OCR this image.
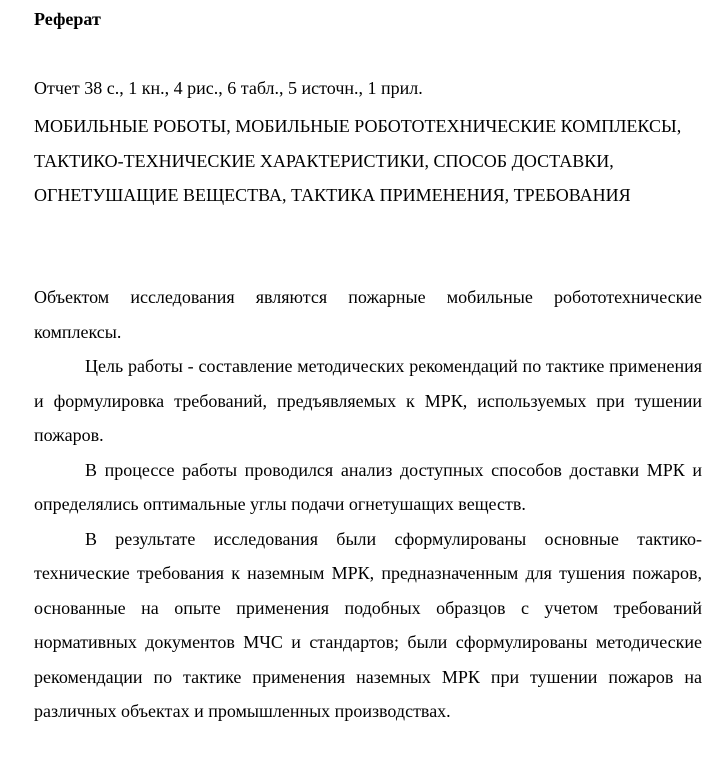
Реферат
Отчет 38 с., 1 кн., 4 рис., 6 табл., 5 источн., 1 прил.

МОБИЛЬНЫЕ РОБОТЫ, МОБИЛЬНЫЕ РОБОТОТЕХНИЧЕСКИЕ КОМПЛЕКСЫ, ТАКТИКО-ТЕХНИЧЕСКИЕ ХАРАКТЕРИСТИКИ, СПОСОБ ДОСТАВКИ, ОГНЕТУШАЩИЕ ВЕЩЕСТВА, ТАКТИКА ПРИМЕНЕНИЯ, ТРЕБОВАНИЯ

Объектом исследования являются пожарные мобильные робототехнические комплексы.

Цель работы - составление методических рекомендаций по тактике применения и формулировка требований, предъявляемых к МРК, используемых при тушении пожаров.

В процессе работы проводился анализ доступных способов доставки МРК и определялись оптимальные углы подачи огнетушащих веществ.

В результате исследования были сформулированы основные тактико-технические требования к наземным МРК, предназначенным для тушения пожаров, основанные на опыте применения подобных образцов с учетом требований нормативных документов МЧС и стандартов; были сформулированы методические рекомендации по тактике применения наземных МРК при тушении пожаров на различных объектах и промышленных производствах.
